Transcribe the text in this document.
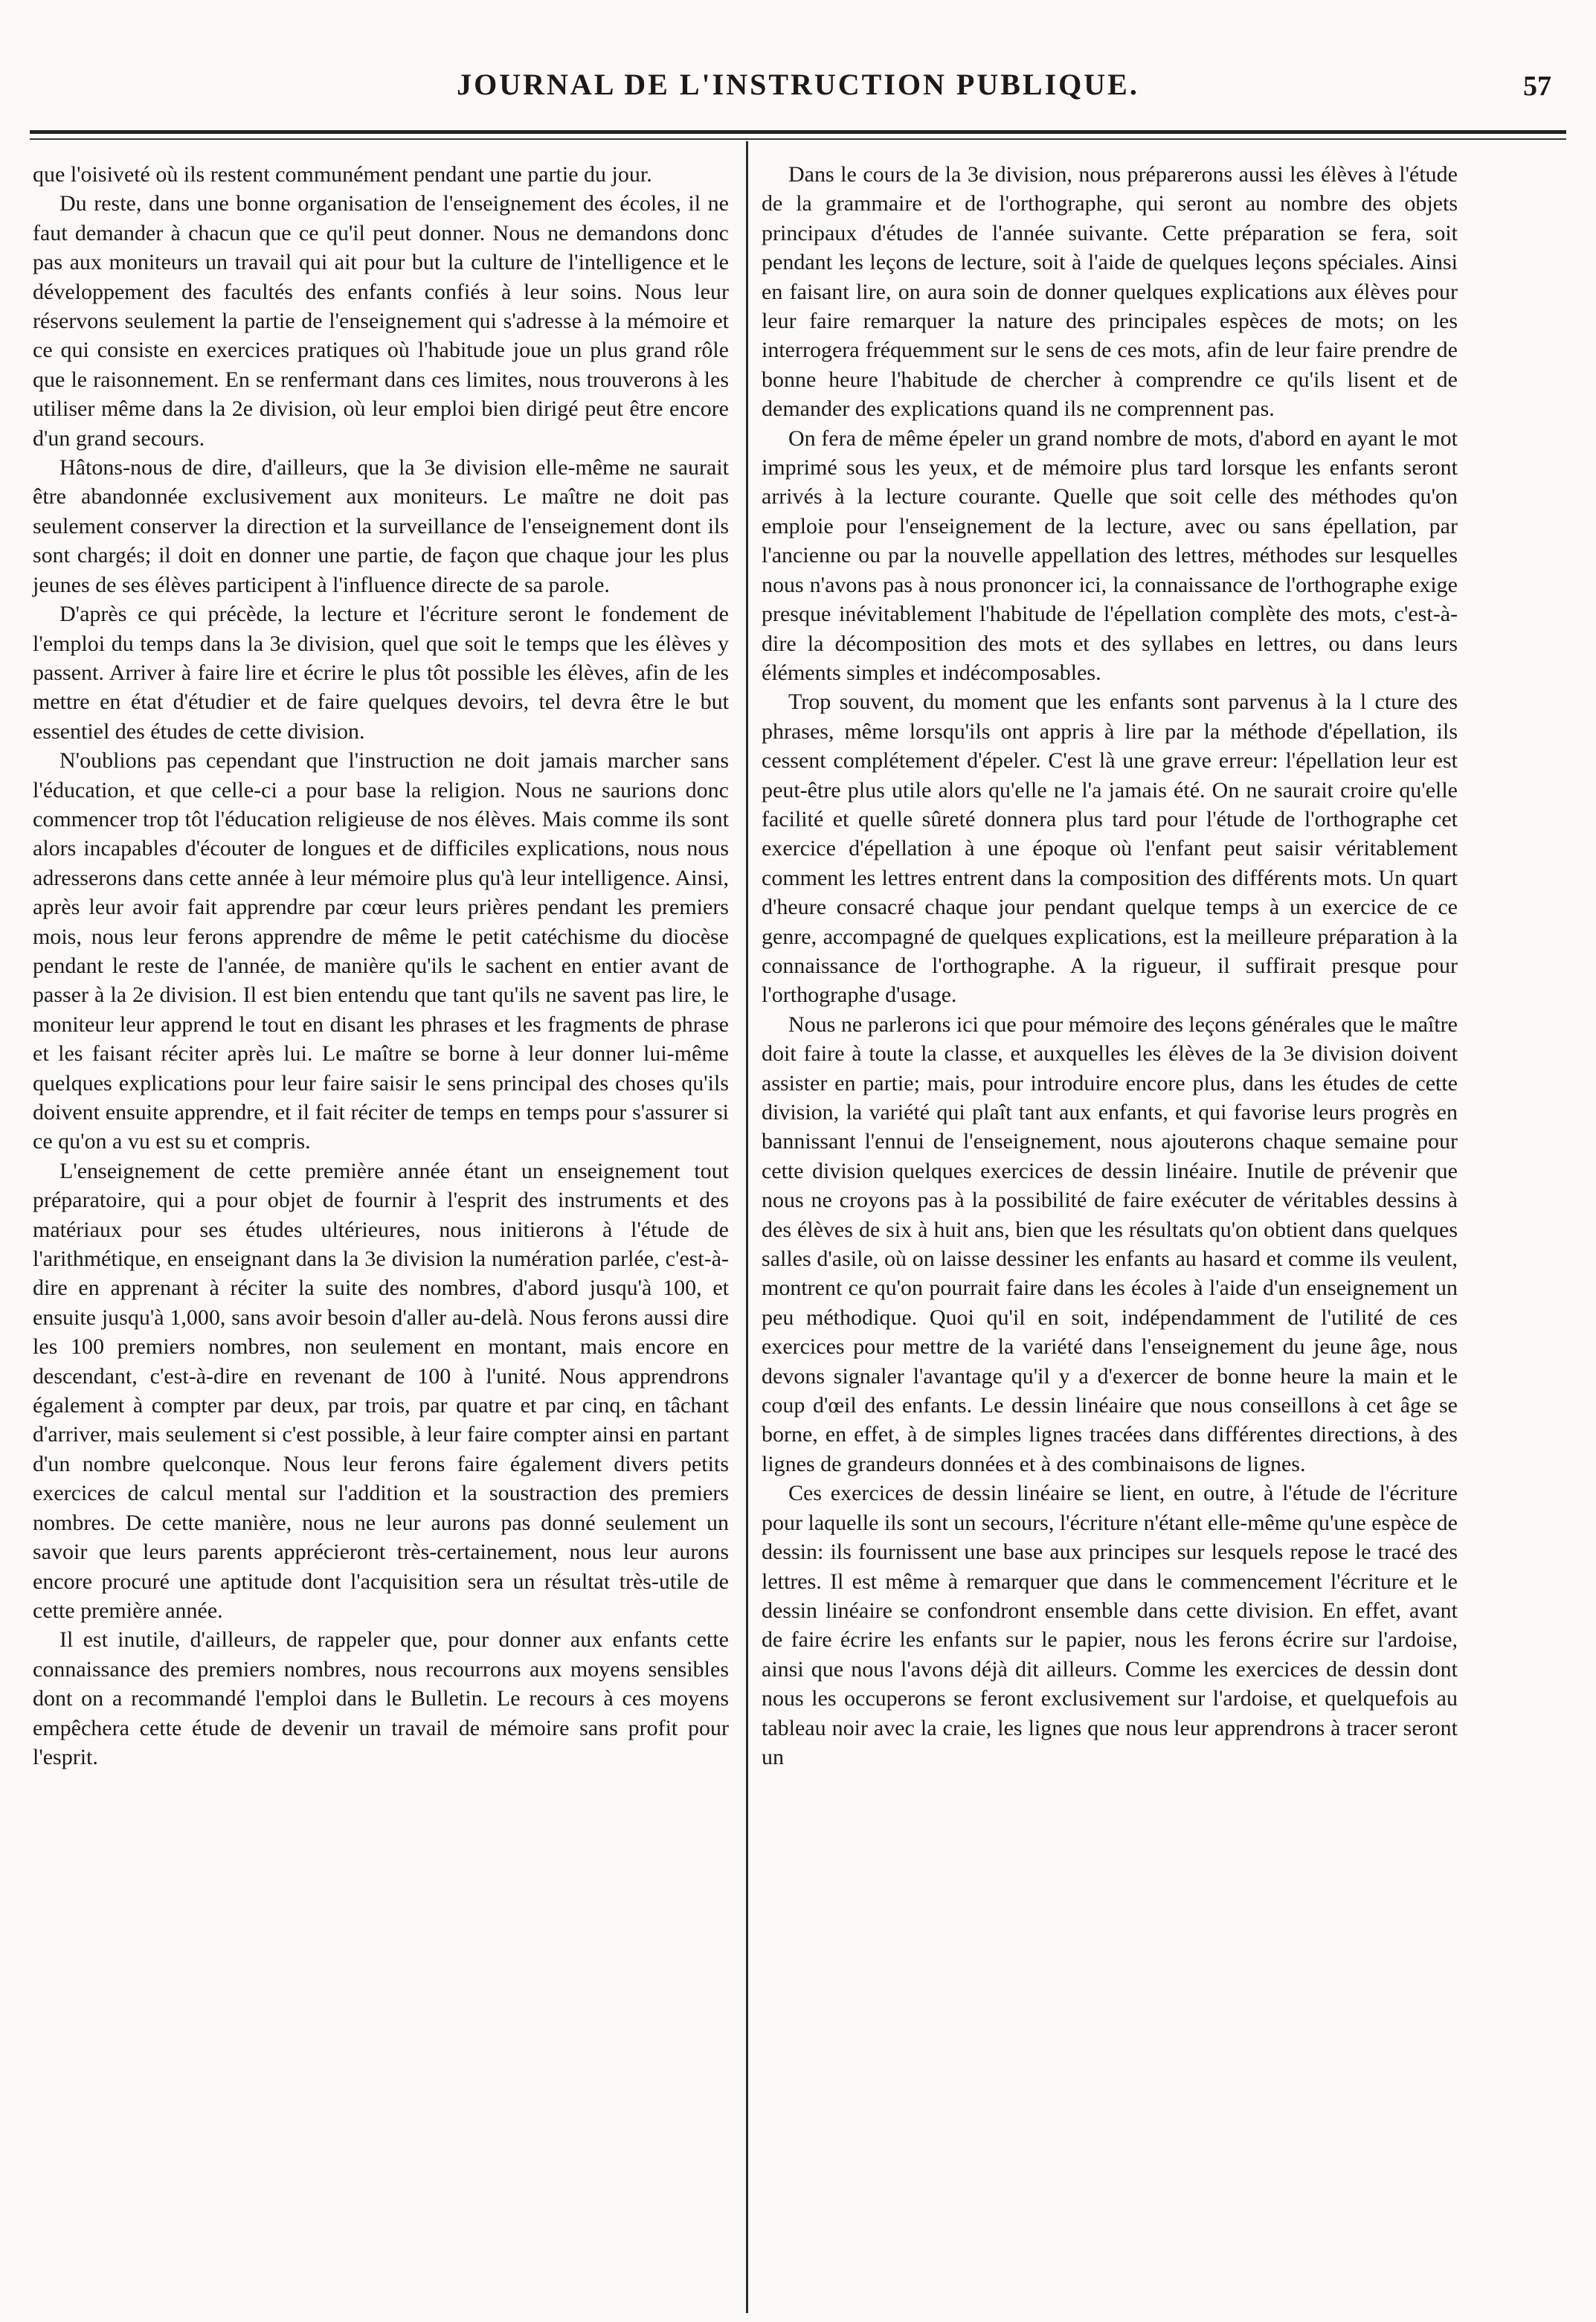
JOURNAL DE L'INSTRUCTION PUBLIQUE.	57

que l'oisiveté où ils restent communément pendant une partie du jour.

Du reste, dans une bonne organisation de l'enseignement des écoles, il ne faut demander à chacun que ce qu'il peut donner. Nous ne demandons donc pas aux moniteurs un travail qui ait pour but la culture de l'intelligence et le développement des facultés des enfants confiés à leur soins. Nous leur réservons seulement la partie de l'enseignement qui s'adresse à la mémoire et ce qui consiste en exercices pratiques où l'habitude joue un plus grand rôle que le raisonnement. En se renfermant dans ces limites, nous trouverons à les utiliser même dans la 2e division, où leur emploi bien dirigé peut être encore d'un grand secours.

Hâtons-nous de dire, d'ailleurs, que la 3e division elle-même ne saurait être abandonnée exclusivement aux moniteurs. Le maître ne doit pas seulement conserver la direction et la surveillance de l'enseignement dont ils sont chargés; il doit en donner une partie, de façon que chaque jour les plus jeunes de ses élèves participent à l'influence directe de sa parole.

D'après ce qui précède, la lecture et l'écriture seront le fondement de l'emploi du temps dans la 3e division, quel que soit le temps que les élèves y passent. Arriver à faire lire et écrire le plus tôt possible les élèves, afin de les mettre en état d'étudier et de faire quelques devoirs, tel devra être le but essentiel des études de cette division.

N'oublions pas cependant que l'instruction ne doit jamais marcher sans l'éducation, et que celle-ci a pour base la religion. Nous ne saurions donc commencer trop tôt l'éducation religieuse de nos élèves. Mais comme ils sont alors incapables d'écouter de longues et de difficiles explications, nous nous adresserons dans cette année à leur mémoire plus qu'à leur intelligence. Ainsi, après leur avoir fait apprendre par cœur leurs prières pendant les premiers mois, nous leur ferons apprendre de même le petit catéchisme du diocèse pendant le reste de l'année, de manière qu'ils le sachent en entier avant de passer à la 2e division. Il est bien entendu que tant qu'ils ne savent pas lire, le moniteur leur apprend le tout en disant les phrases et les fragments de phrase et les faisant réciter après lui. Le maître se borne à leur donner lui-même quelques explications pour leur faire saisir le sens principal des choses qu'ils doivent ensuite apprendre, et il fait réciter de temps en temps pour s'assurer si ce qu'on a vu est su et compris.

L'enseignement de cette première année étant un enseignement tout préparatoire, qui a pour objet de fournir à l'esprit des instruments et des matériaux pour ses études ultérieures, nous initierons à l'étude de l'arithmétique, en enseignant dans la 3e division la numération parlée, c'est-à-dire en apprenant à réciter la suite des nombres, d'abord jusqu'à 100, et ensuite jusqu'à 1,000, sans avoir besoin d'aller au-delà. Nous ferons aussi dire les 100 premiers nombres, non seulement en montant, mais encore en descendant, c'est-à-dire en revenant de 100 à l'unité. Nous apprendrons également à compter par deux, par trois, par quatre et par cinq, en tâchant d'arriver, mais seulement si c'est possible, à leur faire compter ainsi en partant d'un nombre quelconque. Nous leur ferons faire également divers petits exercices de calcul mental sur l'addition et la soustraction des premiers nombres. De cette manière, nous ne leur aurons pas donné seulement un savoir que leurs parents apprécieront très-certainement, nous leur aurons encore procuré une aptitude dont l'acquisition sera un résultat très-utile de cette première année.

Il est inutile, d'ailleurs, de rappeler que, pour donner aux enfants cette connaissance des premiers nombres, nous recourrons aux moyens sensibles dont on a recommandé l'emploi dans le Bulletin. Le recours à ces moyens empêchera cette étude de devenir un travail de mémoire sans profit pour l'esprit.

Dans le cours de la 3e division, nous préparerons aussi les élèves à l'étude de la grammaire et de l'orthographe, qui seront au nombre des objets principaux d'études de l'année suivante. Cette préparation se fera, soit pendant les leçons de lecture, soit à l'aide de quelques leçons spéciales. Ainsi en faisant lire, on aura soin de donner quelques explications aux élèves pour leur faire remarquer la nature des principales espèces de mots; on les interrogera fréquemment sur le sens de ces mots, afin de leur faire prendre de bonne heure l'habitude de chercher à comprendre ce qu'ils lisent et de demander des explications quand ils ne comprennent pas.

On fera de même épeler un grand nombre de mots, d'abord en ayant le mot imprimé sous les yeux, et de mémoire plus tard lorsque les enfants seront arrivés à la lecture courante. Quelle que soit celle des méthodes qu'on emploie pour l'enseignement de la lecture, avec ou sans épellation, par l'ancienne ou par la nouvelle appellation des lettres, méthodes sur lesquelles nous n'avons pas à nous prononcer ici, la connaissance de l'orthographe exige presque inévitablement l'habitude de l'épellation complète des mots, c'est-à-dire la décomposition des mots et des syllabes en lettres, ou dans leurs éléments simples et indécomposables.

Trop souvent, du moment que les enfants sont parvenus à la l cture des phrases, même lorsqu'ils ont appris à lire par la méthode d'épellation, ils cessent complétement d'épeler. C'est là une grave erreur: l'épellation leur est peut-être plus utile alors qu'elle ne l'a jamais été. On ne saurait croire qu'elle facilité et quelle sûreté donnera plus tard pour l'étude de l'orthographe cet exercice d'épellation à une époque où l'enfant peut saisir véritablement comment les lettres entrent dans la composition des différents mots. Un quart d'heure consacré chaque jour pendant quelque temps à un exercice de ce genre, accompagné de quelques explications, est la meilleure préparation à la connaissance de l'orthographe. A la rigueur, il suffirait presque pour l'orthographe d'usage.

Nous ne parlerons ici que pour mémoire des leçons générales que le maître doit faire à toute la classe, et auxquelles les élèves de la 3e division doivent assister en partie; mais, pour introduire encore plus, dans les études de cette division, la variété qui plaît tant aux enfants, et qui favorise leurs progrès en bannissant l'ennui de l'enseignement, nous ajouterons chaque semaine pour cette division quelques exercices de dessin linéaire. Inutile de prévenir que nous ne croyons pas à la possibilité de faire exécuter de véritables dessins à des élèves de six à huit ans, bien que les résultats qu'on obtient dans quelques salles d'asile, où on laisse dessiner les enfants au hasard et comme ils veulent, montrent ce qu'on pourrait faire dans les écoles à l'aide d'un enseignement un peu méthodique. Quoi qu'il en soit, indépendamment de l'utilité de ces exercices pour mettre de la variété dans l'enseignement du jeune âge, nous devons signaler l'avantage qu'il y a d'exercer de bonne heure la main et le coup d'œil des enfants. Le dessin linéaire que nous conseillons à cet âge se borne, en effet, à de simples lignes tracées dans différentes directions, à des lignes de grandeurs données et à des combinaisons de lignes.

Ces exercices de dessin linéaire se lient, en outre, à l'étude de l'écriture pour laquelle ils sont un secours, l'écriture n'étant elle-même qu'une espèce de dessin: ils fournissent une base aux principes sur lesquels repose le tracé des lettres. Il est même à remarquer que dans le commencement l'écriture et le dessin linéaire se confondront ensemble dans cette division. En effet, avant de faire écrire les enfants sur le papier, nous les ferons écrire sur l'ardoise, ainsi que nous l'avons déjà dit ailleurs. Comme les exercices de dessin dont nous les occuperons se feront exclusivement sur l'ardoise, et quelquefois au tableau noir avec la craie, les lignes que nous leur apprendrons à tracer seront un
